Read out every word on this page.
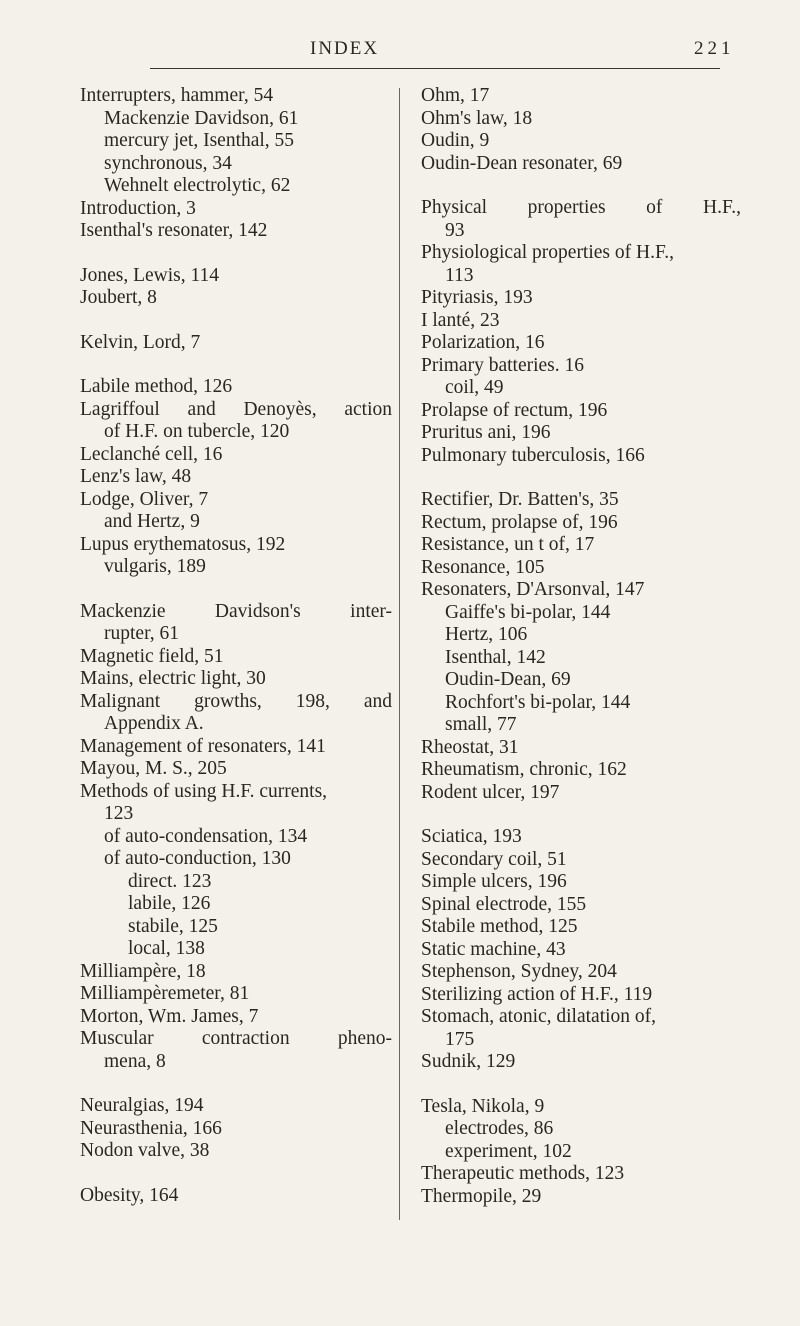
INDEX	221
Interrupters, hammer, 54
Mackenzie Davidson, 61
mercury jet, Isenthal, 55
synchronous, 34
Wehnelt electrolytic, 62
Introduction, 3
Isenthal's resonater, 142
Jones, Lewis, 114
Joubert, 8
Kelvin, Lord, 7
Labile method, 126
Lagriffoul and Denoyès, action
of H.F. on tubercle, 120
Leclanché cell, 16
Lenz's law, 48
Lodge, Oliver, 7
and Hertz, 9
Lupus erythematosus, 192
vulgaris, 189
Mackenzie Davidson's inter-
rupter, 61
Magnetic field, 51
Mains, electric light, 30
Malignant growths, 198, and
Appendix A.
Management of resonaters, 141
Mayou, M. S., 205
Methods of using H.F. currents,
123
of auto-condensation, 134
of auto-conduction, 130
direct. 123
labile, 126
stabile, 125
local, 138
Milliampère, 18
Milliampèremeter, 81
Morton, Wm. James, 7
Muscular contraction pheno-
mena, 8
Neuralgias, 194
Neurasthenia, 166
Nodon valve, 38
Obesity, 164
Ohm, 17
Ohm's law, 18
Oudin, 9
Oudin-Dean resonater, 69
Physical properties of H.F.,
93
Physiological properties of H.F.,
113
Pityriasis, 193
I lanté, 23
Polarization, 16
Primary batteries. 16
coil, 49
Prolapse of rectum, 196
Pruritus ani, 196
Pulmonary tuberculosis, 166
Rectifier, Dr. Batten's, 35
Rectum, prolapse of, 196
Resistance, un t of, 17
Resonance, 105
Resonaters, D'Arsonval, 147
Gaiffe's bi-polar, 144
Hertz, 106
Isenthal, 142
Oudin-Dean, 69
Rochfort's bi-polar, 144
small, 77
Rheostat, 31
Rheumatism, chronic, 162
Rodent ulcer, 197
Sciatica, 193
Secondary coil, 51
Simple ulcers, 196
Spinal electrode, 155
Stabile method, 125
Static machine, 43
Stephenson, Sydney, 204
Sterilizing action of H.F., 119
Stomach, atonic, dilatation of,
175
Sudnik, 129
Tesla, Nikola, 9
electrodes, 86
experiment, 102
Therapeutic methods, 123
Thermopile, 29
